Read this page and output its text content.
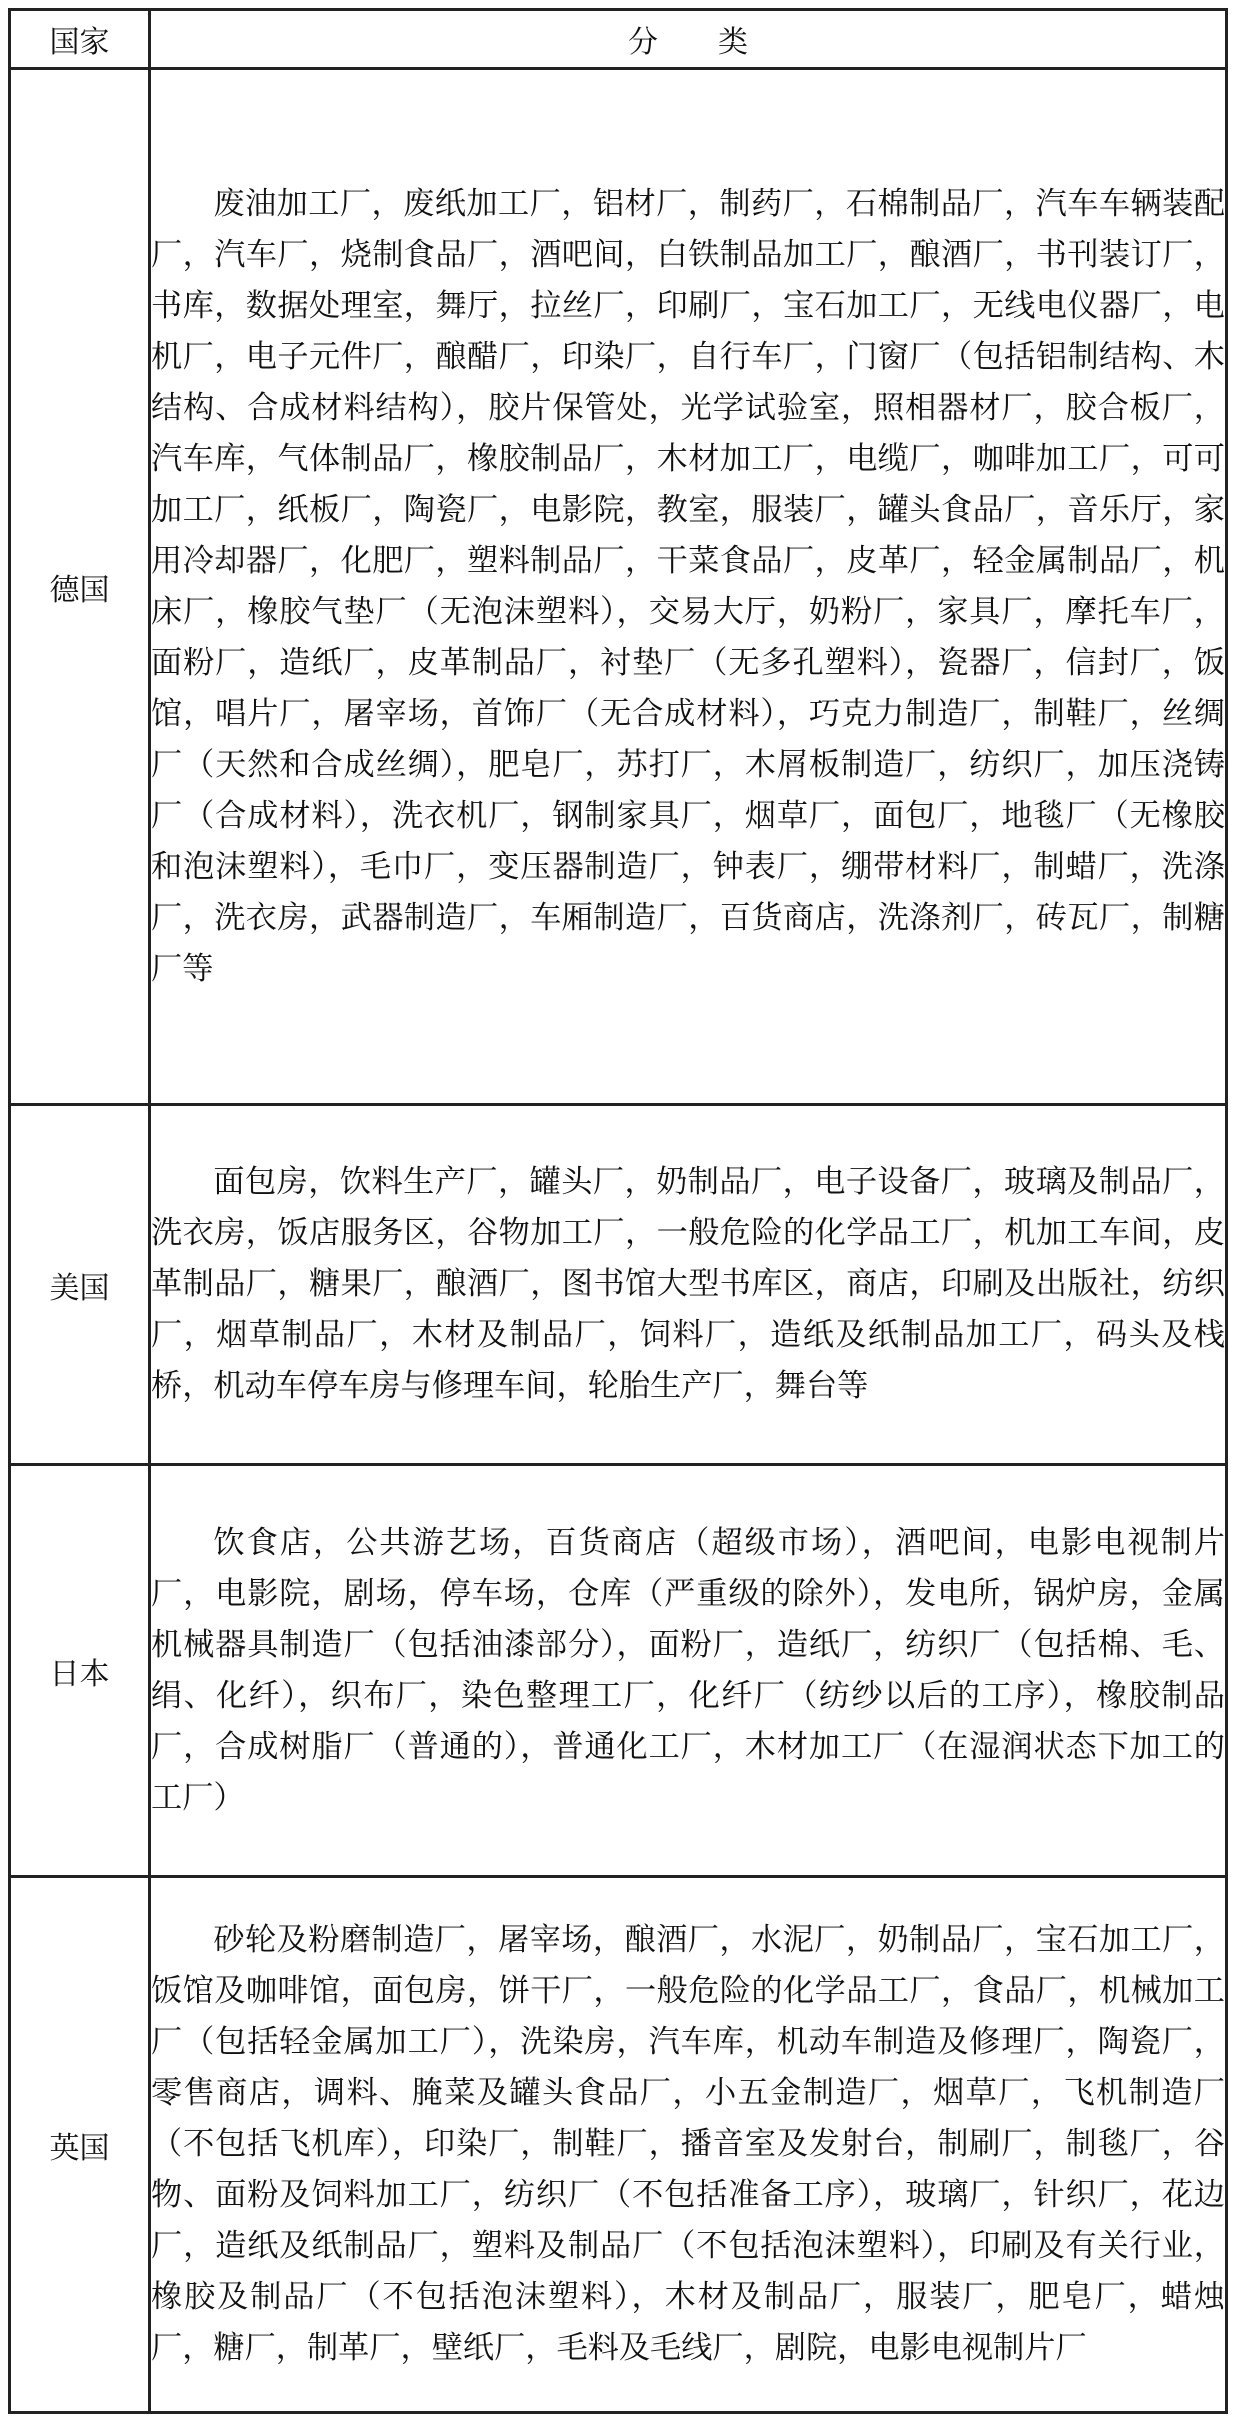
国家	分 类
德国	废油加工厂，废纸加工厂，铝材厂，制药厂，石棉制品厂，汽车车辆装配厂，汽车厂，烧制食品厂，酒吧间，白铁制品加工厂，酿酒厂，书刊装订厂，书库，数据处理室，舞厅，拉丝厂，印刷厂，宝石加工厂，无线电仪器厂，电机厂，电子元件厂，酿醋厂，印染厂，自行车厂，门窗厂（包括铝制结构、木结构、合成材料结构），胶片保管处，光学试验室，照相器材厂，胶合板厂，汽车库，气体制品厂，橡胶制品厂，木材加工厂，电缆厂，咖啡加工厂，可可加工厂，纸板厂，陶瓷厂，电影院，教室，服装厂，罐头食品厂，音乐厅，家用冷却器厂，化肥厂，塑料制品厂，干菜食品厂，皮革厂，轻金属制品厂，机床厂，橡胶气垫厂（无泡沫塑料），交易大厅，奶粉厂，家具厂，摩托车厂，面粉厂，造纸厂，皮革制品厂，衬垫厂（无多孔塑料），瓷器厂，信封厂，饭馆，唱片厂，屠宰场，首饰厂（无合成材料），巧克力制造厂，制鞋厂，丝绸厂（天然和合成丝绸），肥皂厂，苏打厂，木屑板制造厂，纺织厂，加压浇铸厂（合成材料），洗衣机厂，钢制家具厂，烟草厂，面包厂，地毯厂（无橡胶和泡沫塑料），毛巾厂，变压器制造厂，钟表厂，绷带材料厂，制蜡厂，洗涤厂，洗衣房，武器制造厂，车厢制造厂，百货商店，洗涤剂厂，砖瓦厂，制糖厂等

美国	面包房，饮料生产厂，罐头厂，奶制品厂，电子设备厂，玻璃及制品厂，洗衣房，饭店服务区，谷物加工厂，一般危险的化学品工厂，机加工车间，皮革制品厂，糖果厂，酿酒厂，图书馆大型书库区，商店，印刷及出版社，纺织厂，烟草制品厂，木材及制品厂，饲料厂，造纸及纸制品加工厂，码头及栈桥，机动车停车房与修理车间，轮胎生产厂，舞台等

日本	饮食店，公共游艺场，百货商店（超级市场），酒吧间，电影电视制片厂，电影院，剧场，停车场，仓库（严重级的除外），发电所，锅炉房，金属机械器具制造厂（包括油漆部分），面粉厂，造纸厂，纺织厂（包括棉、毛、绢、化纤），织布厂，染色整理工厂，化纤厂（纺纱以后的工序），橡胶制品厂，合成树脂厂（普通的），普通化工厂，木材加工厂（在湿润状态下加工的工厂）

英国	砂轮及粉磨制造厂，屠宰场，酿酒厂，水泥厂，奶制品厂，宝石加工厂，饭馆及咖啡馆，面包房，饼干厂，一般危险的化学品工厂，食品厂，机械加工厂（包括轻金属加工厂），洗染房，汽车库，机动车制造及修理厂，陶瓷厂，零售商店，调料、腌菜及罐头食品厂，小五金制造厂，烟草厂，飞机制造厂（不包括飞机库），印染厂，制鞋厂，播音室及发射台，制刷厂，制毯厂，谷物、面粉及饲料加工厂，纺织厂（不包括准备工序），玻璃厂，针织厂，花边厂，造纸及纸制品厂，塑料及制品厂（不包括泡沫塑料），印刷及有关行业，橡胶及制品厂（不包括泡沫塑料），木材及制品厂，服装厂，肥皂厂，蜡烛厂，糖厂，制革厂，壁纸厂，毛料及毛线厂，剧院，电影电视制片厂
